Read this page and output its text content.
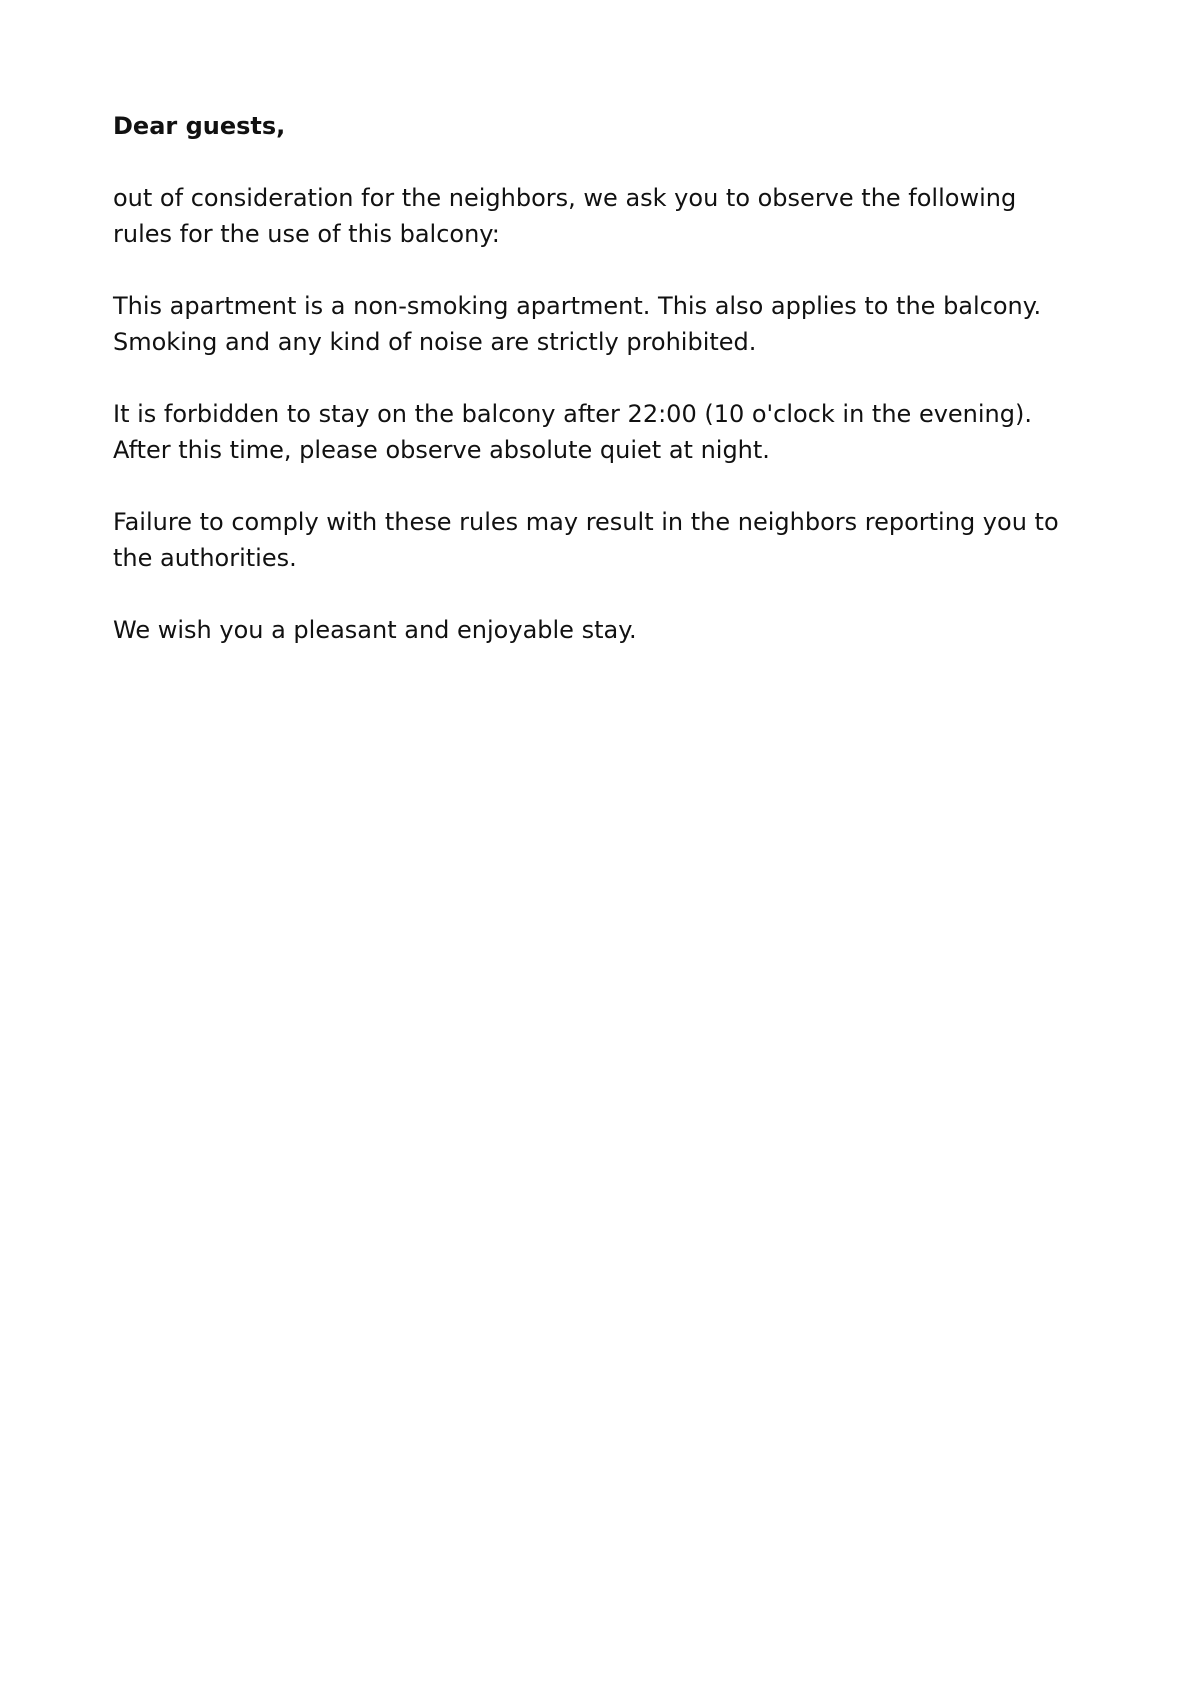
Dear guests,

out of consideration for the neighbors, we ask you to observe the following
rules for the use of this balcony:

This apartment is a non-smoking apartment. This also applies to the balcony.
Smoking and any kind of noise are strictly prohibited.

It is forbidden to stay on the balcony after 22:00 (10 o'clock in the evening).
After this time, please observe absolute quiet at night.

Failure to comply with these rules may result in the neighbors reporting you to
the authorities.

We wish you a pleasant and enjoyable stay.
